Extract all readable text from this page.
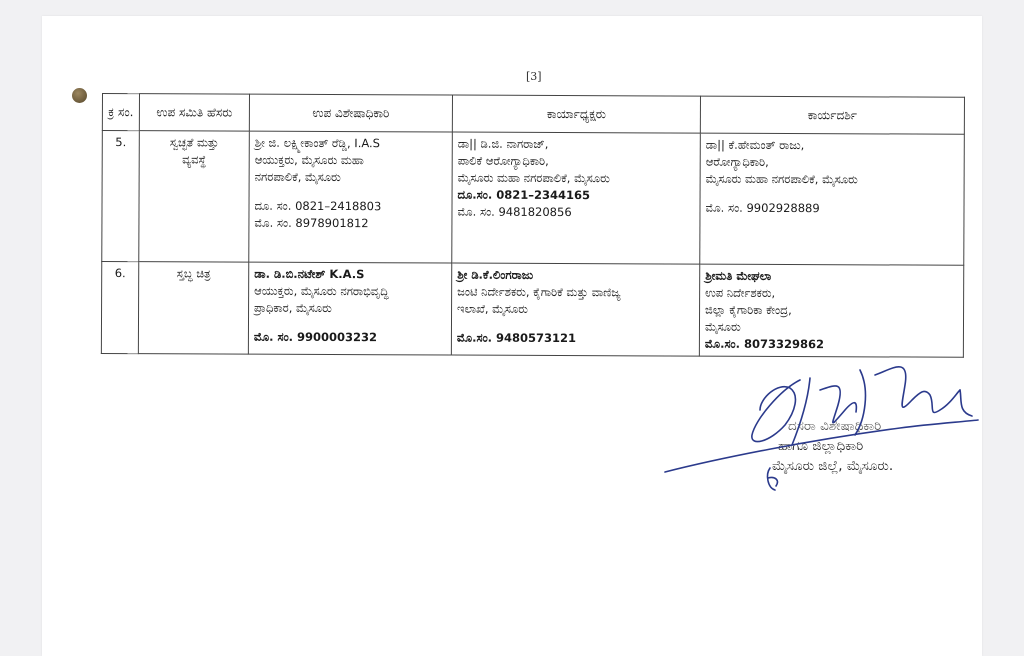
[3]
ಕ್ರ ಸಂ.	ಉಪ ಸಮಿತಿ ಹೆಸರು	ಉಪ ವಿಶೇಷಾಧಿಕಾರಿ	ಕಾರ್ಯಾಧ್ಯಕ್ಷರು	ಕಾರ್ಯದರ್ಶಿ
5.	ಸ್ವಚ್ಛತೆ ಮತ್ತು
ವ್ಯವಸ್ಥೆ	ಶ್ರೀ ಜಿ. ಲಕ್ಷ್ಮೀಕಾಂತ್ ರೆಡ್ಡಿ, I.A.S
ಆಯುಕ್ತರು, ಮೈಸೂರು ಮಹಾ
ನಗರಪಾಲಿಕೆ, ಮೈಸೂರು
ದೂ. ಸಂ. 0821–2418803
ಮೊ. ಸಂ. 8978901812	ಡಾ|| ಡಿ.ಜಿ. ನಾಗರಾಜ್,
ಪಾಲಿಕೆ ಆರೋಗ್ಯಾಧಿಕಾರಿ,
ಮೈಸೂರು ಮಹಾ ನಗರಪಾಲಿಕೆ, ಮೈಸೂರು
ದೂ.ಸಂ. 0821–2344165
ಮೊ. ಸಂ. 9481820856	ಡಾ|| ಕೆ.ಹೇಮಂತ್ ರಾಜು,
ಆರೋಗ್ಯಾಧಿಕಾರಿ,
ಮೈಸೂರು ಮಹಾ ನಗರಪಾಲಿಕೆ, ಮೈಸೂರು
ಮೊ. ಸಂ. 9902928889

6.	ಸ್ತಬ್ಧ ಚಿತ್ರ	ಡಾ. ಡಿ.ಬಿ.ನಟೇಶ್ K.A.S
ಆಯುಕ್ತರು, ಮೈಸೂರು ನಗರಾಭಿವೃದ್ಧಿ
ಪ್ರಾಧಿಕಾರ, ಮೈಸೂರು
ಮೊ. ಸಂ. 9900003232	ಶ್ರೀ ಡಿ.ಕೆ.ಲಿಂಗರಾಜು
ಜಂಟಿ ನಿರ್ದೇಶಕರು, ಕೈಗಾರಿಕೆ ಮತ್ತು ವಾಣಿಜ್ಯ
ಇಲಾಖೆ, ಮೈಸೂರು
ಮೊ.ಸಂ. 9480573121	ಶ್ರೀಮತಿ ಮೇಘಲಾ
ಉಪ ನಿರ್ದೇಶಕರು,
ಜಿಲ್ಲಾ ಕೈಗಾರಿಕಾ ಕೇಂದ್ರ,
ಮೈಸೂರು
ಮೊ.ಸಂ. 8073329862
ದಸರಾ ವಿಶೇಷಾಧಿಕಾರಿ
ಹಾಗೂ ಜಿಲ್ಲಾಧಿಕಾರಿ
ಮೈಸೂರು ಜಿಲ್ಲೆ, ಮೈಸೂರು.
